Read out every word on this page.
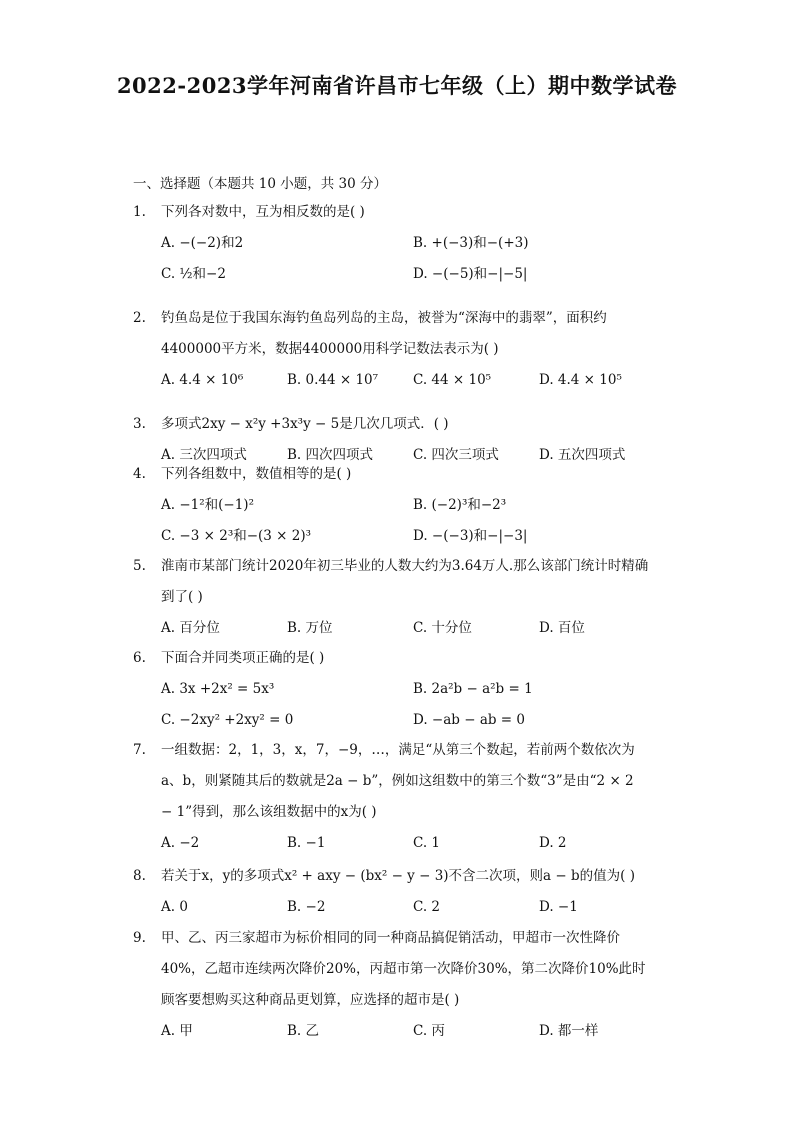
2022-2023学年河南省许昌市七年级（上）期中数学试卷
一、选择题（本题共 10 小题，共 30 分）
1.	下列各对数中，互为相反数的是( )
A. −(−2)和2	B. +(−3)和−(+3)
C. ½和−2	D. −(−5)和−|−5|
2.	钓鱼岛是位于我国东海钓鱼岛列岛的主岛，被誉为“深海中的翡翠”，面积约
4400000平方米，数据4400000用科学记数法表示为( )
A. 4.4 × 10⁶	B. 0.44 × 10⁷	C. 44 × 10⁵	D. 4.4 × 10⁵
3.	多项式2xy − x²y +3x³y − 5是几次几项式．( )
A. 三次四项式	B. 四次四项式	C. 四次三项式	D. 五次四项式
4.	下列各组数中，数值相等的是( )
A. −1²和(−1)²	B. (−2)³和−2³
C. −3 × 2³和−(3 × 2)³	D. −(−3)和−|−3|
5.	淮南市某部门统计2020年初三毕业的人数大约为3.64万人.那么该部门统计时精确
到了( )
A. 百分位	B. 万位	C. 十分位	D. 百位
6.	下面合并同类项正确的是( )
A. 3x +2x² = 5x³	B. 2a²b − a²b = 1
C. −2xy² +2xy² = 0	D. −ab − ab = 0
7.	一组数据：2，1，3，x，7，−9，…，满足“从第三个数起，若前两个数依次为
a、b，则紧随其后的数就是2a − b”，例如这组数中的第三个数“3”是由“2 × 2
− 1”得到，那么该组数据中的x为( )
A. −2	B. −1	C. 1	D. 2
8.	若关于x，y的多项式x² + axy − (bx² − y − 3)不含二次项，则a − b的值为( )
A. 0	B. −2	C. 2	D. −1
9.	甲、乙、丙三家超市为标价相同的同一种商品搞促销活动，甲超市一次性降价
40%，乙超市连续两次降价20%，丙超市第一次降价30%，第二次降价10%此时
顾客要想购买这种商品更划算，应选择的超市是( )
A. 甲	B. 乙	C. 丙	D. 都一样
